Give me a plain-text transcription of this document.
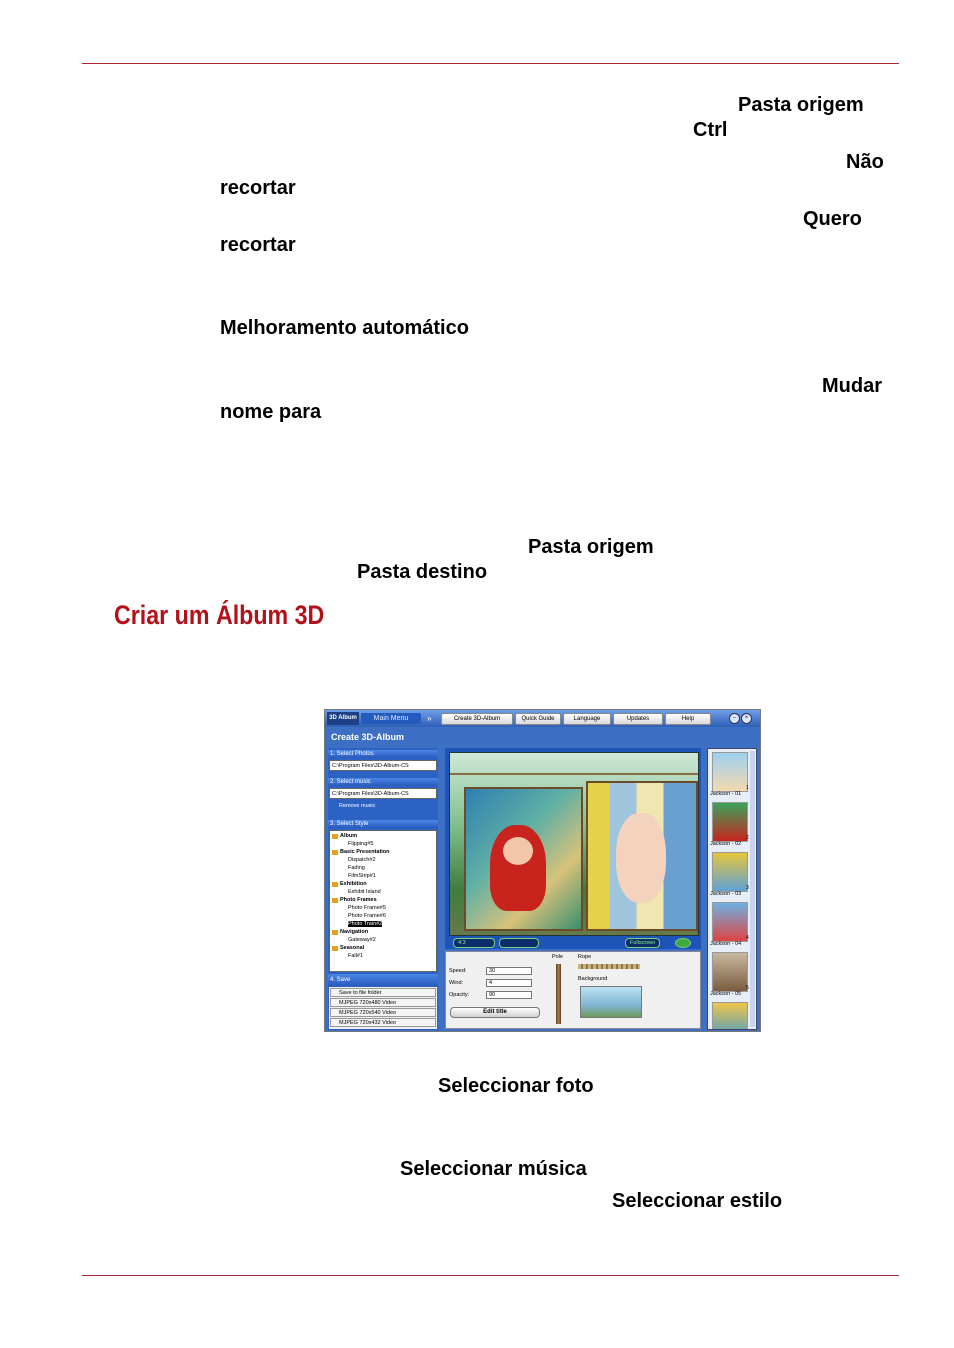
Pasta origem
Ctrl
Não
recortar
Quero
recortar
Melhoramento automático
Mudar
nome para
Pasta origem
Pasta destino
Criar um Álbum 3D
3D Album	Main Menu	»	Create 3D-Album	Quick Guide	Language	Updates	Help	–	×
Create 3D-Album
1. Select Photos
C:\Program Files\3D-Album-CS
2. Select music
C:\Program Files\3D-Album-CS
Remove music
3. Select Style
Album
Flipping#5
Basic Presentation
Dispatch#2
Fading
FilmStrip#1
Exhibition
Exhibit Island
Photo Frames
Photo Frame#5
Photo Frame#6
Photo Train#2
Navigation
Gateway#2
Seasonal
Fall#1
4. Save
Save to file folder
MJPEG 720x480 Video
MJPEG 720x540 Video
MJPEG 720x432 Video
4:3	Fullscreen
Speed:	30
Wind:	4
Opacity:	90
Edit title
Pole	Rope
Background
Jackson - 01
1
Jackson - 02
2
Jackson - 03
3
Jackson - 04
4
Jackson - 05
5
Seleccionar foto
Seleccionar música
Seleccionar estilo
